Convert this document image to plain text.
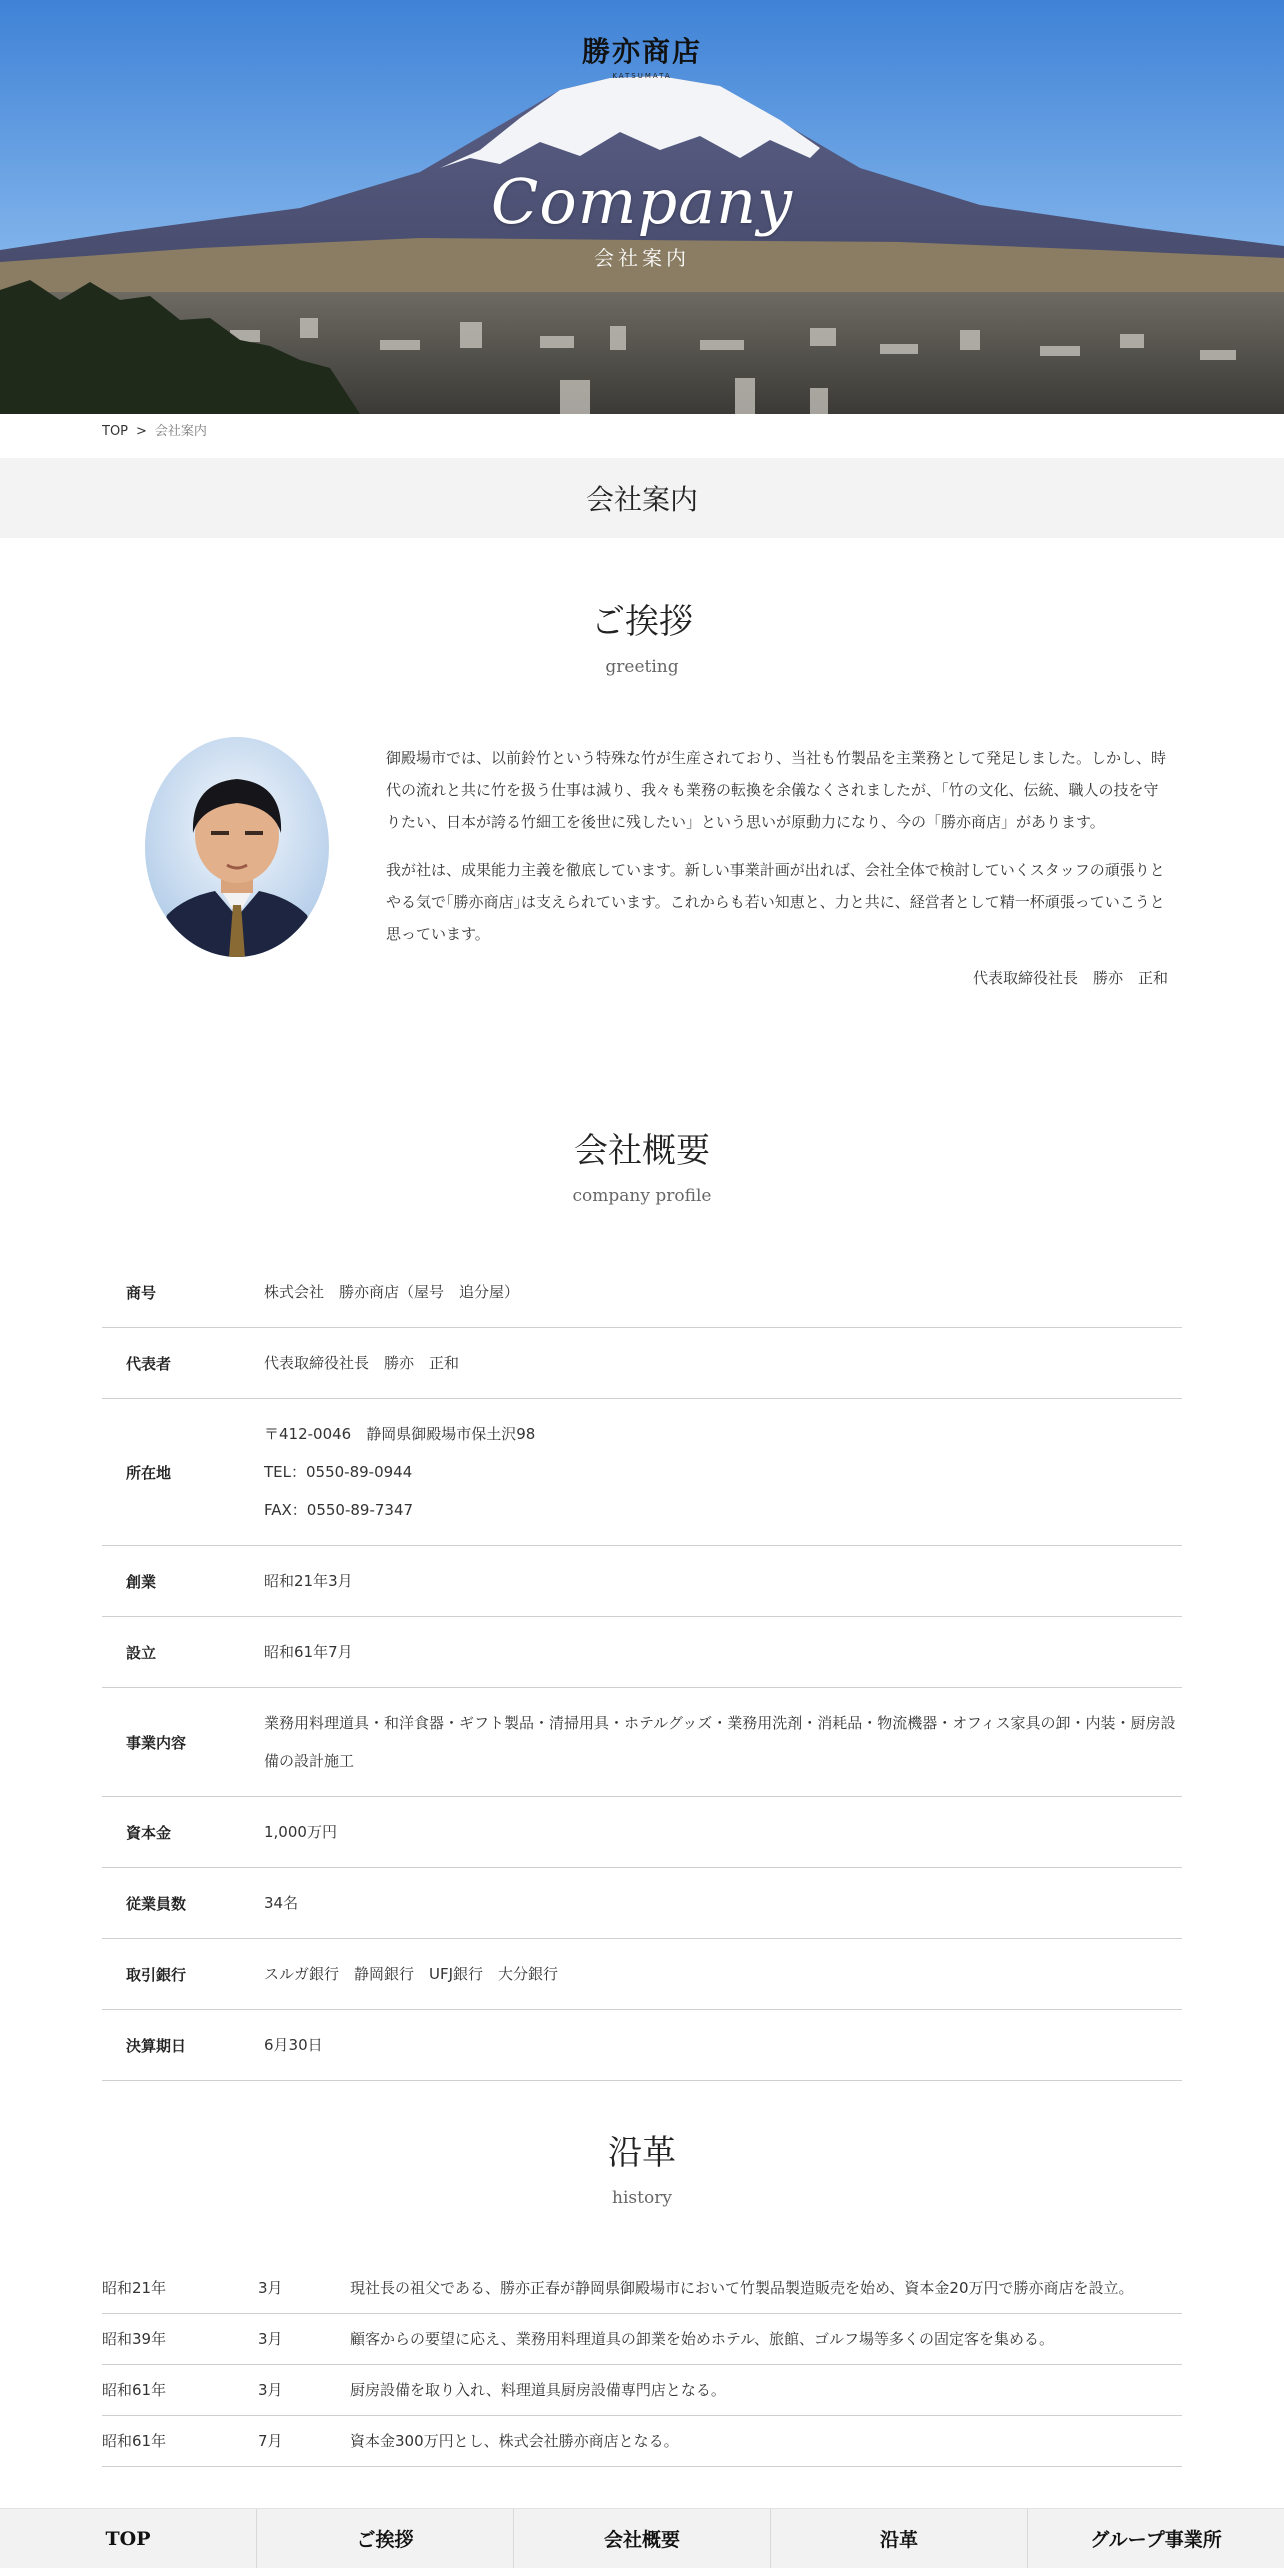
勝亦商店
KATSUMATA
Company
会社案内
TOP > 会社案内
会社案内
ご挨拶
greeting

御殿場市では、以前鈴竹という特殊な竹が生産されており、当社も竹製品を主業務として発足しました。しかし、時代の流れと共に竹を扱う仕事は減り、我々も業務の転換を余儀なくされましたが、「竹の文化、伝統、職人の技を守りたい、日本が誇る竹細工を後世に残したい」という思いが原動力になり、今の「勝亦商店」があります。

我が社は、成果能力主義を徹底しています。新しい事業計画が出れば、会社全体で検討していくスタッフの頑張りとやる気で｢勝亦商店｣は支えられています。これからも若い知恵と、力と共に、経営者として精一杯頑張っていこうと思っています。

代表取締役社長　勝亦　正和
会社概要
company profile
商号	株式会社　勝亦商店（屋号　追分屋）
代表者	代表取締役社長　勝亦　正和
所在地	〒412-0046　静岡県御殿場市保土沢98
TEL：0550-89-0944
FAX：0550-89-7347

創業	昭和21年3月
設立	昭和61年7月
事業内容	業務用料理道具・和洋食器・ギフト製品・清掃用具・ホテルグッズ・業務用洗剤・消耗品・物流機器・オフィス家具の卸・内装・厨房設備の設計施工
資本金	1,000万円
従業員数	34名
取引銀行	スルガ銀行　静岡銀行　UFJ銀行　大分銀行
決算期日	6月30日
沿革
history
昭和21年	3月	現社長の祖父である、勝亦正春が静岡県御殿場市において竹製品製造販売を始め、資本金20万円で勝亦商店を設立。
昭和39年	3月	顧客からの要望に応え、業務用料理道具の卸業を始めホテル、旅館、ゴルフ場等多くの固定客を集める。
昭和61年	3月	厨房設備を取り入れ、料理道具厨房設備専門店となる。
昭和61年	7月	資本金300万円とし、株式会社勝亦商店となる。
TOP	ご挨拶	会社概要	沿革	グループ事業所
